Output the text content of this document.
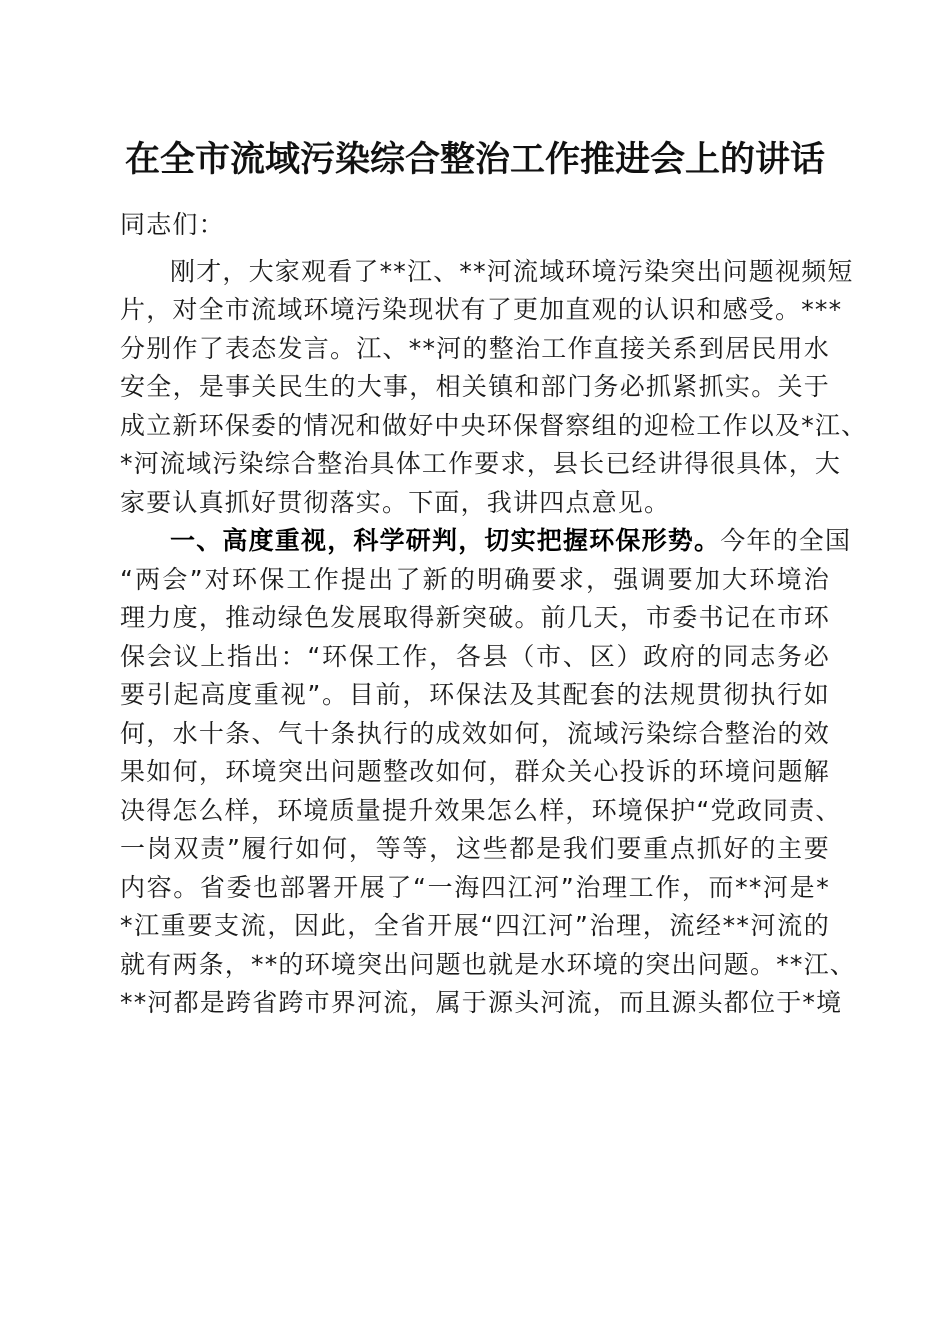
在全市流域污染综合整治工作推进会上的讲话

同志们：

刚才，大家观看了**江、**河流域环境污染突出问题视频短
片，对全市流域环境污染现状有了更加直观的认识和感受。***
分别作了表态发言。江、**河的整治工作直接关系到居民用水
安全，是事关民生的大事，相关镇和部门务必抓紧抓实。关于
成立新环保委的情况和做好中央环保督察组的迎检工作以及*江、
*河流域污染综合整治具体工作要求，县长已经讲得很具体，大
家要认真抓好贯彻落实。下面，我讲四点意见。

一、高度重视，科学研判，切实把握环保形势。今年的全国
“两会”对环保工作提出了新的明确要求，强调要加大环境治
理力度，推动绿色发展取得新突破。前几天，市委书记在市环
保会议上指出：“环保工作，各县（市、区）政府的同志务必
要引起高度重视”。目前，环保法及其配套的法规贯彻执行如
何，水十条、气十条执行的成效如何，流域污染综合整治的效
果如何，环境突出问题整改如何，群众关心投诉的环境问题解
决得怎么样，环境质量提升效果怎么样，环境保护“党政同责、
一岗双责”履行如何，等等，这些都是我们要重点抓好的主要
内容。省委也部署开展了“一海四江河”治理工作，而**河是*
*江重要支流，因此，全省开展“四江河”治理，流经**河流的
就有两条，**的环境突出问题也就是水环境的突出问题。**江、
**河都是跨省跨市界河流，属于源头河流，而且源头都位于*境
